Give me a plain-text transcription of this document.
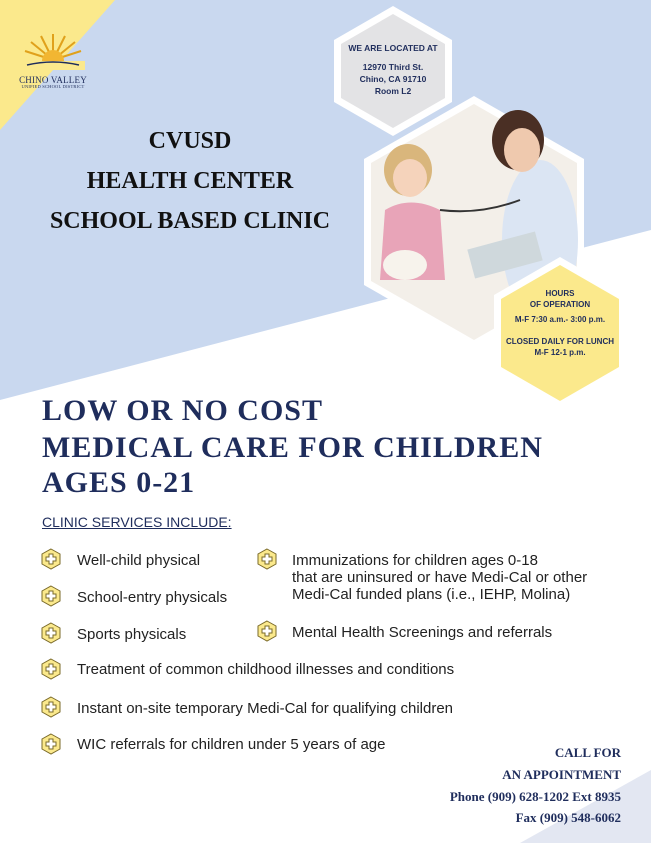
CHINO VALLEY
UNIFIED SCHOOL DISTRICT
CVUSD
HEALTH CENTER
SCHOOL BASED CLINIC
WE ARE LOCATED AT
12970 Third St.
Chino, CA 91710
Room L2
HOURS
OF OPERATION
M-F 7:30 a.m.- 3:00 p.m.
CLOSED DAILY FOR LUNCH
M-F 12-1 p.m.
LOW OR NO COST
MEDICAL CARE FOR CHILDREN
AGES 0-21
CLINIC SERVICES INCLUDE:
Well-child physical
School-entry physicals
Sports physicals
Immunizations for children ages 0-18
that are uninsured or have Medi-Cal or other
Medi-Cal funded plans (i.e., IEHP, Molina)
Mental Health Screenings and referrals
Treatment of common childhood illnesses and conditions
Instant on-site temporary Medi-Cal for qualifying children
WIC referrals for children under 5 years of age	CALL FOR
AN APPOINTMENT
Phone (909) 628-1202 Ext 8935
Fax (909) 548-6062
